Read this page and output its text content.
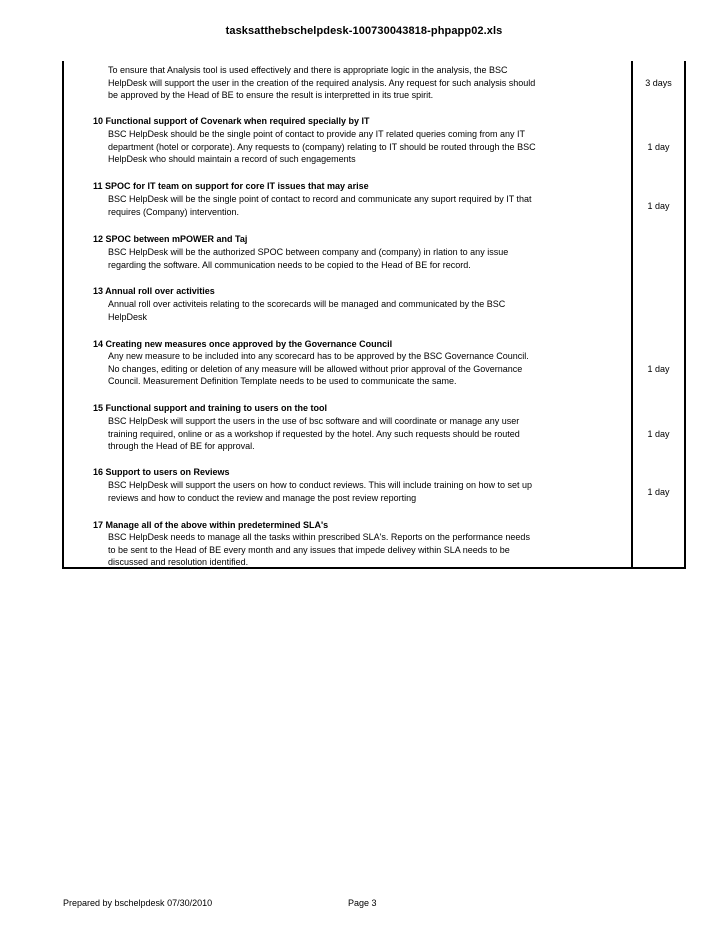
tasksatthebschelpdesk-100730043818-phpapp02.xls
To ensure that Analysis tool is used effectively and there is appropriate logic in the analysis, the BSC
HelpDesk will support the user in the creation of the required analysis. Any request for such analysis should
be approved by the Head of BE to ensure the result is interpretted in its true spirit.
3 days
10 Functional support of Covenark when required specially by IT
BSC HelpDesk should be the single point of contact to provide any IT related queries coming from any IT
department (hotel or corporate). Any requests to (company) relating to IT should be routed through the BSC
HelpDesk who should maintain a record of such engagements
1 day
11 SPOC for IT team on support for core IT issues that may arise
BSC HelpDesk will be the single point of contact to record and communicate any suport required by IT that
requires (Company) intervention.
1 day
12 SPOC between mPOWER and Taj
BSC HelpDesk will be the authorized SPOC between company and (company) in rlation to any issue
regarding the software. All communication needs to be copied to the Head of BE for record.
13 Annual roll over activities
Annual roll over activiteis relating to the scorecards will be managed and communicated by the BSC
HelpDesk
14 Creating new measures once approved by the Governance Council
Any new measure to be included into any scorecard has to be approved by the BSC Governance Council.
No changes, editing or deletion of any measure will be allowed without prior approval of the Governance
Council. Measurement Definition Template needs to be used to communicate the same.
1 day
15 Functional support and training to users on the tool
BSC HelpDesk will support the users in the use of bsc software and will coordinate or manage any user
training required, online or as a workshop if requested by the hotel. Any such requests should be routed
through the Head of BE for approval.
1 day
16 Support to users on Reviews
BSC HelpDesk will support the users on how to conduct reviews. This will include training on how to set up
reviews and how to conduct the review and manage the post review reporting
1 day
17 Manage all of the above within predetermined SLA's
BSC HelpDesk needs to manage all the tasks within prescribed SLA's. Reports on the performance needs
to be sent to the Head of BE every month and any issues that impede delivey within SLA needs to be
discussed and resolution identified.
Prepared by bschelpdesk 07/30/2010	Page 3
